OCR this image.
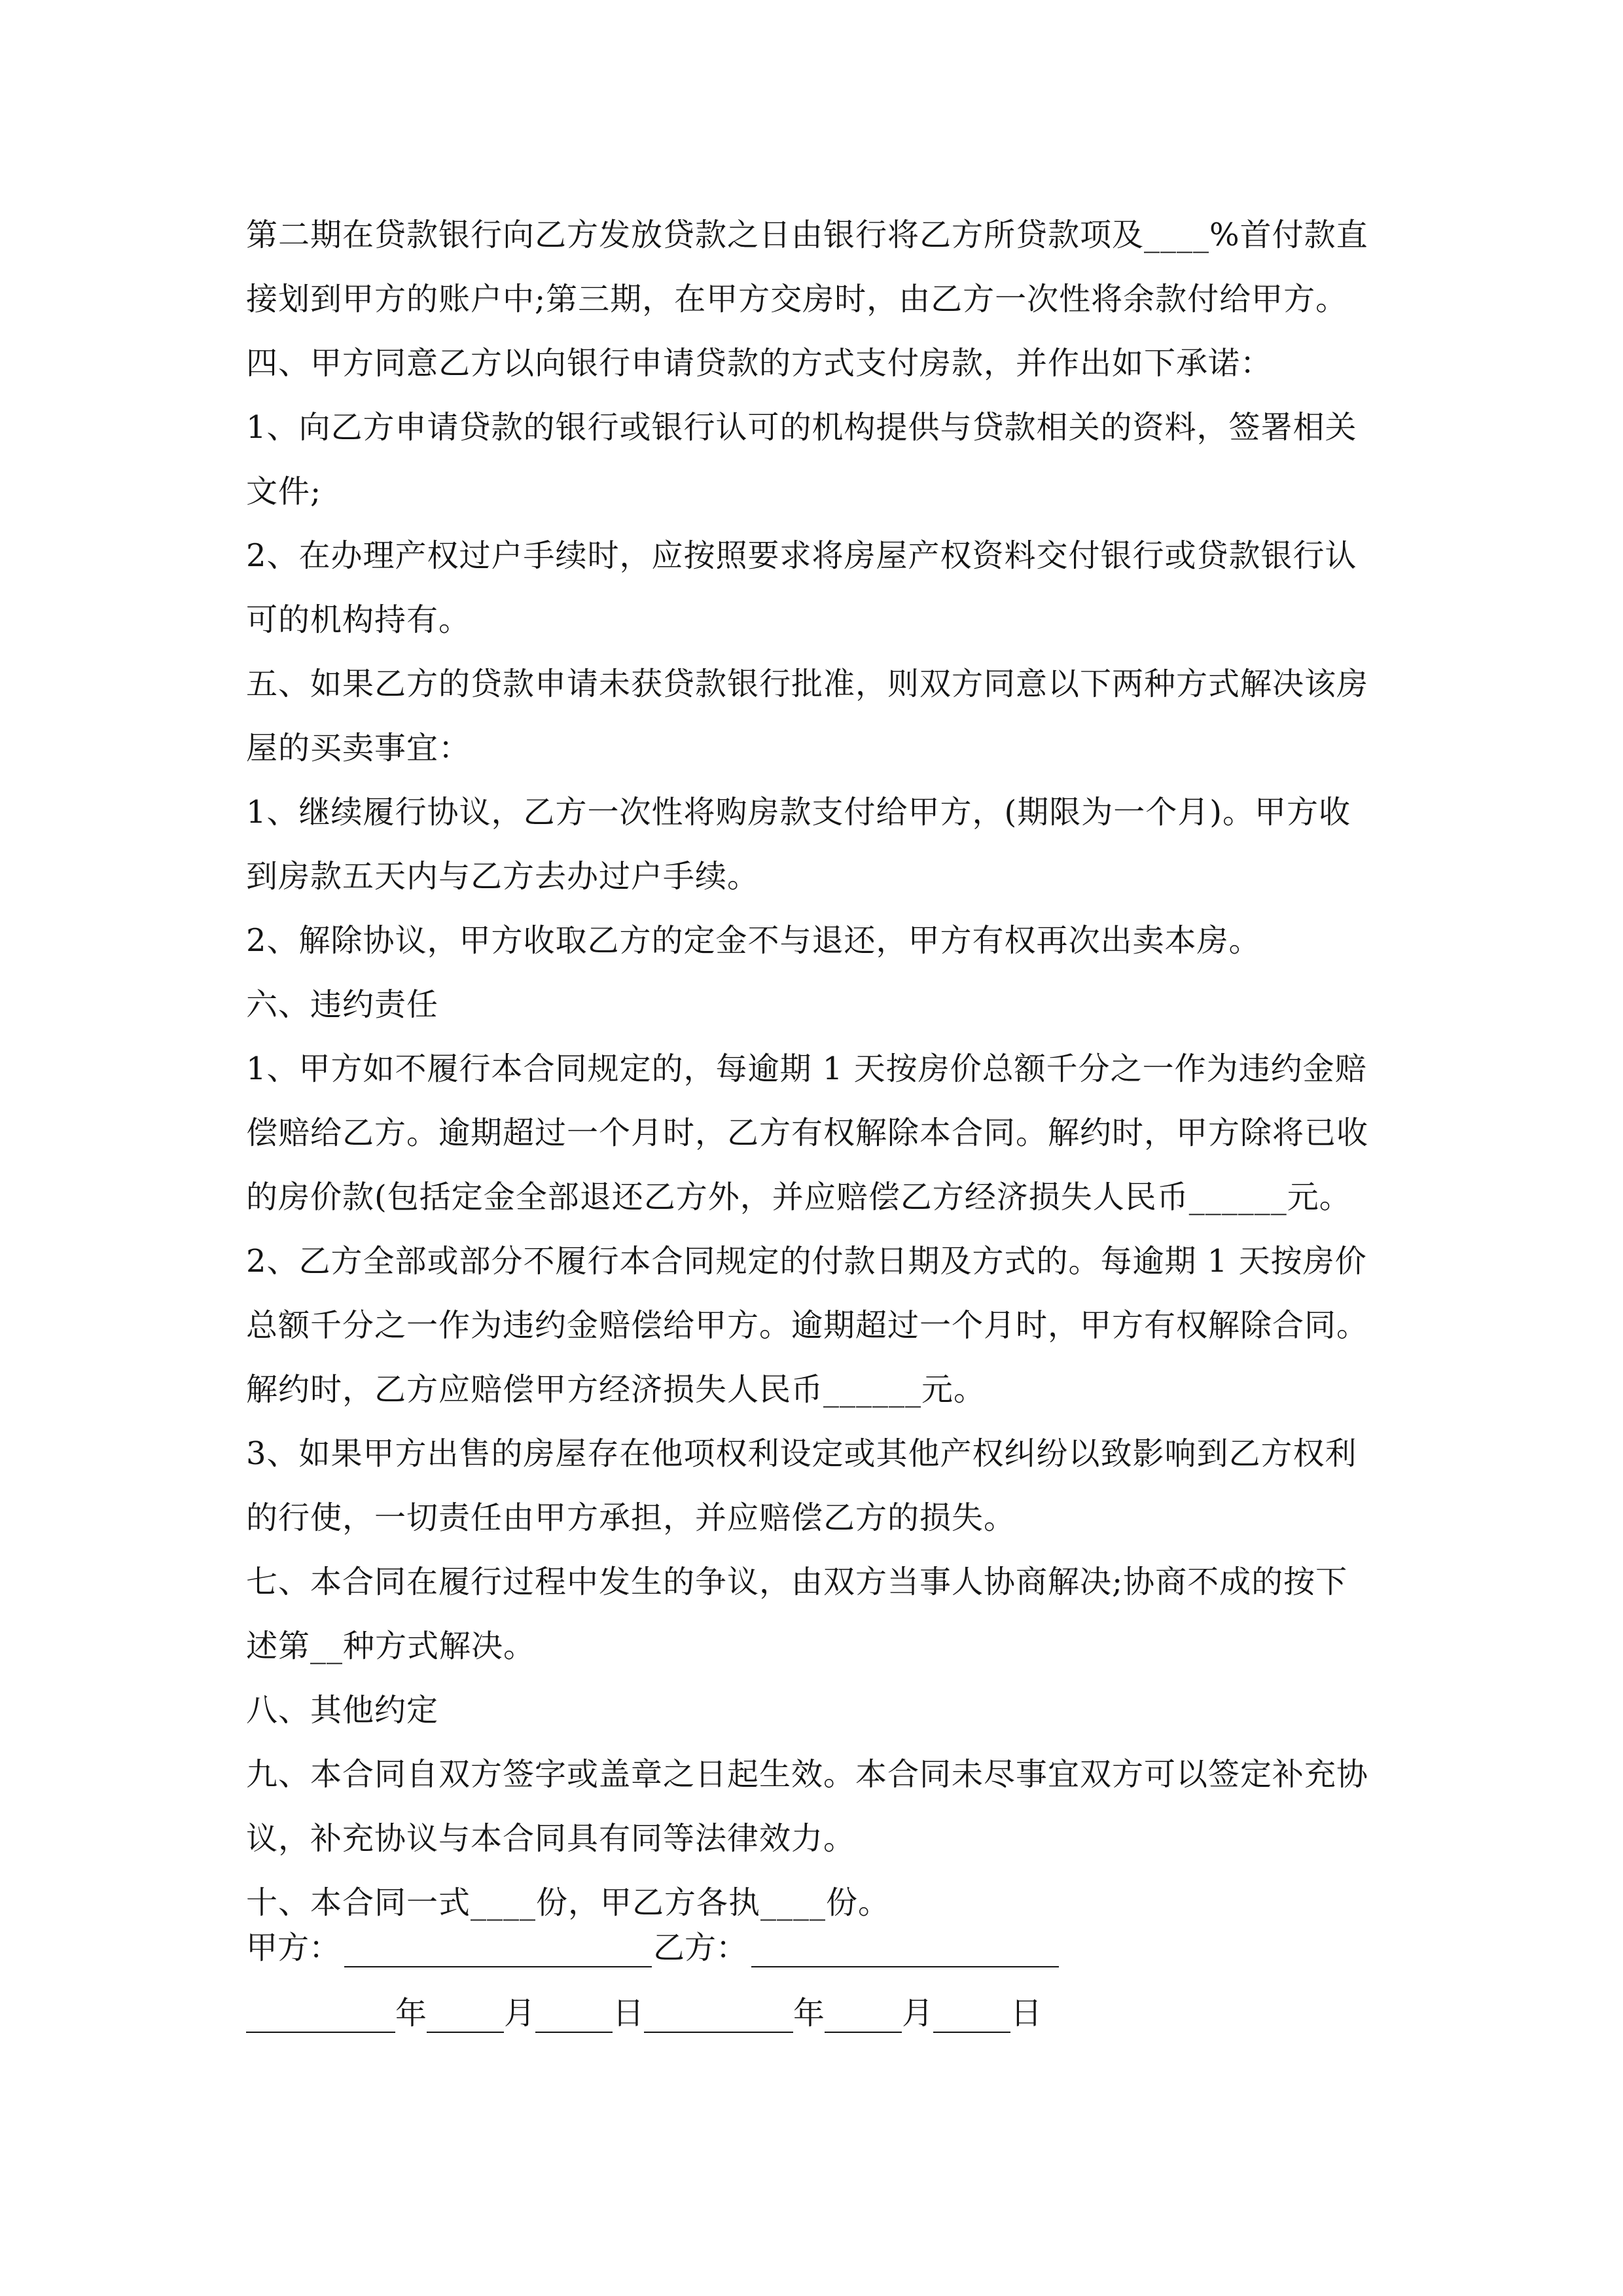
第二期在贷款银行向乙方发放贷款之日由银行将乙方所贷款项及____%首付款直
接划到甲方的账户中;第三期，在甲方交房时，由乙方一次性将余款付给甲方。
四、甲方同意乙方以向银行申请贷款的方式支付房款，并作出如下承诺：
1、向乙方申请贷款的银行或银行认可的机构提供与贷款相关的资料，签署相关
文件;
2、在办理产权过户手续时，应按照要求将房屋产权资料交付银行或贷款银行认
可的机构持有。
五、如果乙方的贷款申请未获贷款银行批准，则双方同意以下两种方式解决该房
屋的买卖事宜：
1、继续履行协议，乙方一次性将购房款支付给甲方，(期限为一个月)。甲方收
到房款五天内与乙方去办过户手续。
2、解除协议，甲方收取乙方的定金不与退还，甲方有权再次出卖本房。
六、违约责任
1、甲方如不履行本合同规定的，每逾期 1 天按房价总额千分之一作为违约金赔
偿赔给乙方。逾期超过一个月时，乙方有权解除本合同。解约时，甲方除将已收
的房价款(包括定金全部退还乙方外，并应赔偿乙方经济损失人民币______元。
2、乙方全部或部分不履行本合同规定的付款日期及方式的。每逾期 1 天按房价
总额千分之一作为违约金赔偿给甲方。逾期超过一个月时，甲方有权解除合同。
解约时，乙方应赔偿甲方经济损失人民币______元。
3、如果甲方出售的房屋存在他项权利设定或其他产权纠纷以致影响到乙方权利
的行使，一切责任由甲方承担，并应赔偿乙方的损失。
七、本合同在履行过程中发生的争议，由双方当事人协商解决;协商不成的按下
述第__种方式解决。
八、其他约定
九、本合同自双方签字或盖章之日起生效。本合同未尽事宜双方可以签定补充协
议，补充协议与本合同具有同等法律效力。
十、本合同一式____份，甲乙方各执____份。
甲方：	乙方：
年 月 日	年 月 日
